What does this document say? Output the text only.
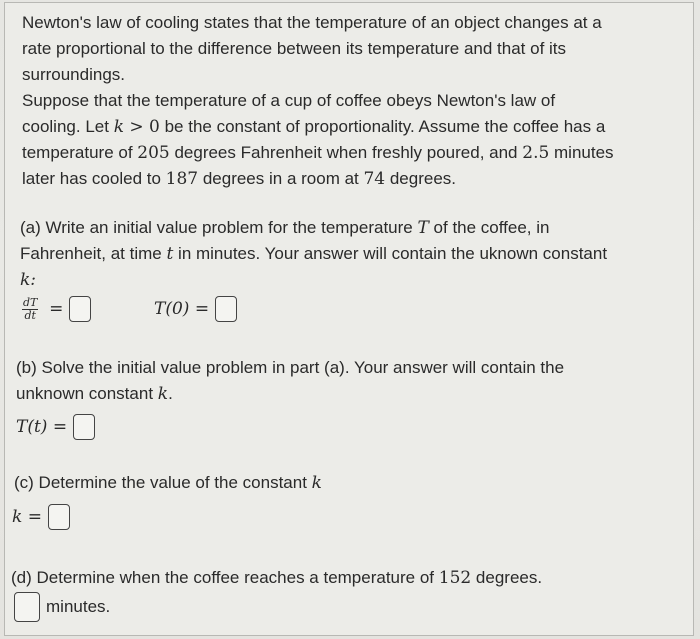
Newton's law of cooling states that the temperature of an object changes at a
rate proportional to the difference between its temperature and that of its
surroundings.
Suppose that the temperature of a cup of coffee obeys Newton's law of
cooling. Let k > 0 be the constant of proportionality. Assume the coffee has a
temperature of 205 degrees Fahrenheit when freshly poured, and 2.5 minutes
later has cooled to 187 degrees in a room at 74 degrees.
(a) Write an initial value problem for the temperature T of the coffee, in
Fahrenheit, at time t in minutes. Your answer will contain the uknown constant
k:
$\frac{dT}{dt}$ =	T(0) =
(b) Solve the initial value problem in part (a). Your answer will contain the
unknown constant k.
T(t) =
(c) Determine the value of the constant k
k =
(d) Determine when the coffee reaches a temperature of 152 degrees.
minutes.
